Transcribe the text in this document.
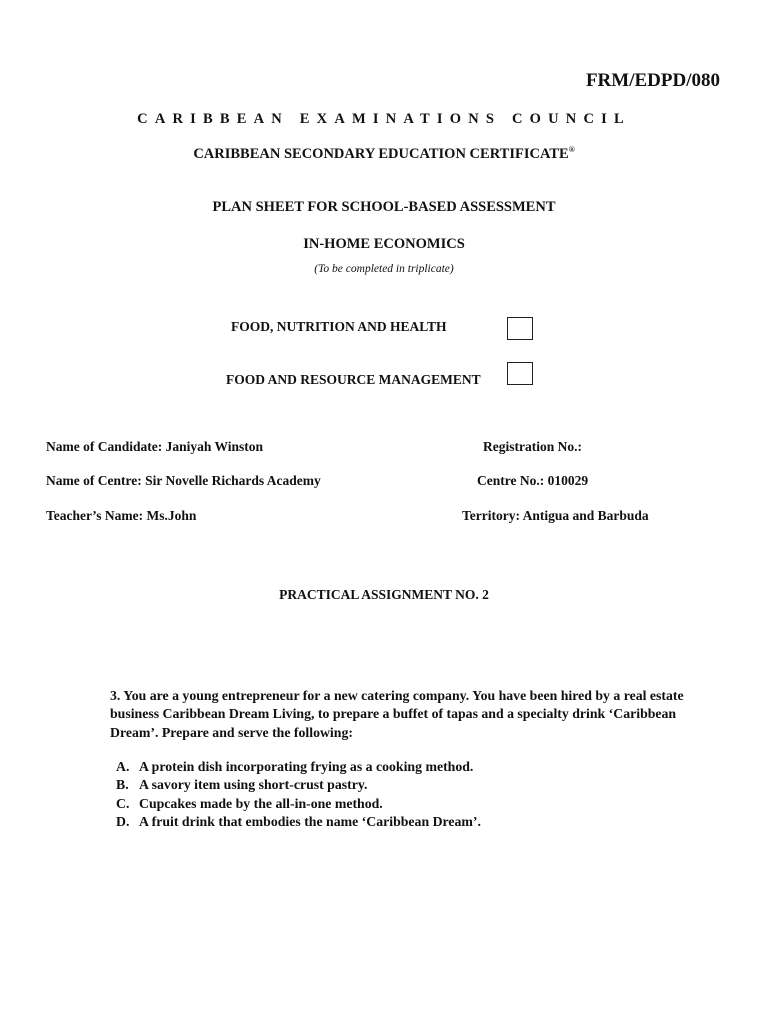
FRM/EDPD/080
CARIBBEAN EXAMINATIONS COUNCIL
CARIBBEAN SECONDARY EDUCATION CERTIFICATE®
PLAN SHEET FOR SCHOOL-BASED ASSESSMENT
IN-HOME ECONOMICS
(To be completed in triplicate)
FOOD, NUTRITION AND HEALTH
FOOD AND RESOURCE MANAGEMENT
Name of Candidate: Janiyah Winston	Registration No.:
Name of Centre: Sir Novelle Richards Academy	Centre No.: 010029
Teacher’s Name: Ms.John	Territory: Antigua and Barbuda
PRACTICAL ASSIGNMENT NO. 2
3. You are a young entrepreneur for a new catering company. You have been hired by a real estate business Caribbean Dream Living, to prepare a buffet of tapas and a specialty drink ‘Caribbean Dream’. Prepare and serve the following:
A. A protein dish incorporating frying as a cooking method.
B. A savory item using short-crust pastry.
C. Cupcakes made by the all-in-one method.
D. A fruit drink that embodies the name ‘Caribbean Dream’.
